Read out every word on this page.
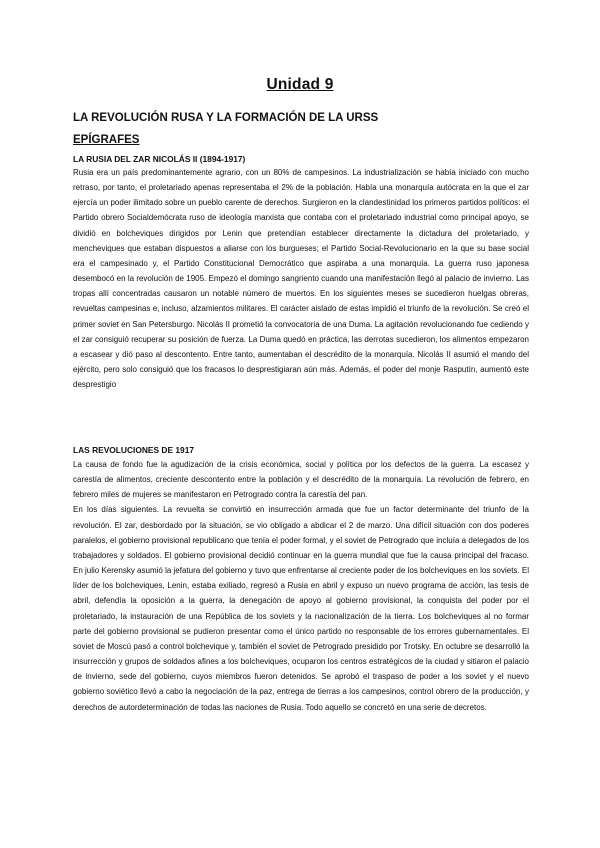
Unidad 9
LA REVOLUCIÓN RUSA Y LA FORMACIÓN DE LA URSS
EPÍGRAFES
LA RUSIA DEL ZAR NICOLÁS II (1894-1917)

Rusia era un país predominantemente agrario, con un 80% de campesinos. La industrialización se había iniciado con mucho retraso, por tanto, el proletariado apenas representaba el 2% de la población. Había una monarquía autócrata en la que el zar ejercía un poder ilimitado sobre un pueblo carente de derechos. Surgieron en la clandestinidad los primeros partidos políticos: el Partido obrero Socialdemócrata ruso de ideología marxista que contaba con el proletariado industrial como principal apoyo, se dividió en bolcheviques dirigidos por Lenin que pretendían establecer directamente la dictadura del proletariado, y mencheviques que estaban dispuestos a aliarse con los burgueses; el Partido Social-Revolucionario en la que su base social era el campesinado y, el Partido Constitucional Democrático que aspiraba a una monarquía. La guerra ruso japonesa desembocó en la revolución de 1905. Empezó el domingo sangriento cuando una manifestación llegó al palacio de invierno. Las tropas allí concentradas causaron un notable número de muertos. En los siguientes meses se sucedieron huelgas obreras, revueltas campesinas e, incluso, alzamientos militares. El carácter aislado de estas impidió el triunfo de la revolución. Se creó el primer soviet en San Petersburgo. Nicolás II prometió la convocatoria de una Duma. La agitación revolucionando fue cediendo y el zar consiguió recuperar su posición de fuerza. La Duma quedó en práctica, las derrotas sucedieron, los alimentos empezaron a escasear y dió paso al descontento. Entre tanto, aumentaban el descrédito de la monarquía. Nicolás II asumió el mando del ejército, pero solo consiguió que los fracasos lo desprestigiaran aún más. Además, el poder del monje Rasputín, aumentó este desprestigio

LAS REVOLUCIONES DE 1917

La causa de fondo fue la agudización de la crisis económica, social y política por los defectos de la guerra. La escasez y carestía de alimentos, creciente descontento entre la población y el descrédito de la monarquía. La revolución de febrero, en febrero miles de mujeres se manifestaron en Petrogrado contra la carestía del pan.

En los días siguientes. La revuelta se convirtió en insurrección armada que fue un factor determinante del triunfo de la revolución. El zar, desbordado por la situación, se vio obligado a abdicar el 2 de marzo. Una difícil situación con dos poderes paralelos, el gobierno provisional republicano que tenía el poder formal, y el soviet de Petrogrado que incluía a delegados de los trabajadores y soldados. El gobierno provisional decidió continuar en la guerra mundial que fue la causa principal del fracaso. En julio Kerensky asumió la jefatura del gobierno y tuvo que enfrentarse al creciente poder de los bolcheviques en los soviets. El líder de los bolcheviques, Lenin, estaba exiliado, regresó a Rusia en abril y expuso un nuevo programa de acción, las tesis de abril, defendía la oposición a la guerra, la denegación de apoyo al gobierno provisional, la conquista del poder por el proletariado, la instauración de una República de los soviets y la nacionalización de la tierra. Los bolcheviques al no formar parte del gobierno provisional se pudieron presentar como el único partido no responsable de los errores gubernamentales. El soviet de Moscú pasó a control bolchevique y, también el soviet de Petrogrado presidido por Trotsky. En octubre se desarrolló la insurrección y grupos de soldados afines a los bolcheviques, ocuparon los centros estratégicos de la ciudad y sitiaron el palacio de invierno, sede del gobierno, cuyos miembros fueron detenidos. Se aprobó el traspaso de poder a los soviet y el nuevo gobierno soviético llevó a cabo la negociación de la paz, entrega de tierras a los campesinos, control obrero de la producción, y derechos de autordeterminación de todas las naciones de Rusia. Todo aquello se concretó en una serie de decretos.
